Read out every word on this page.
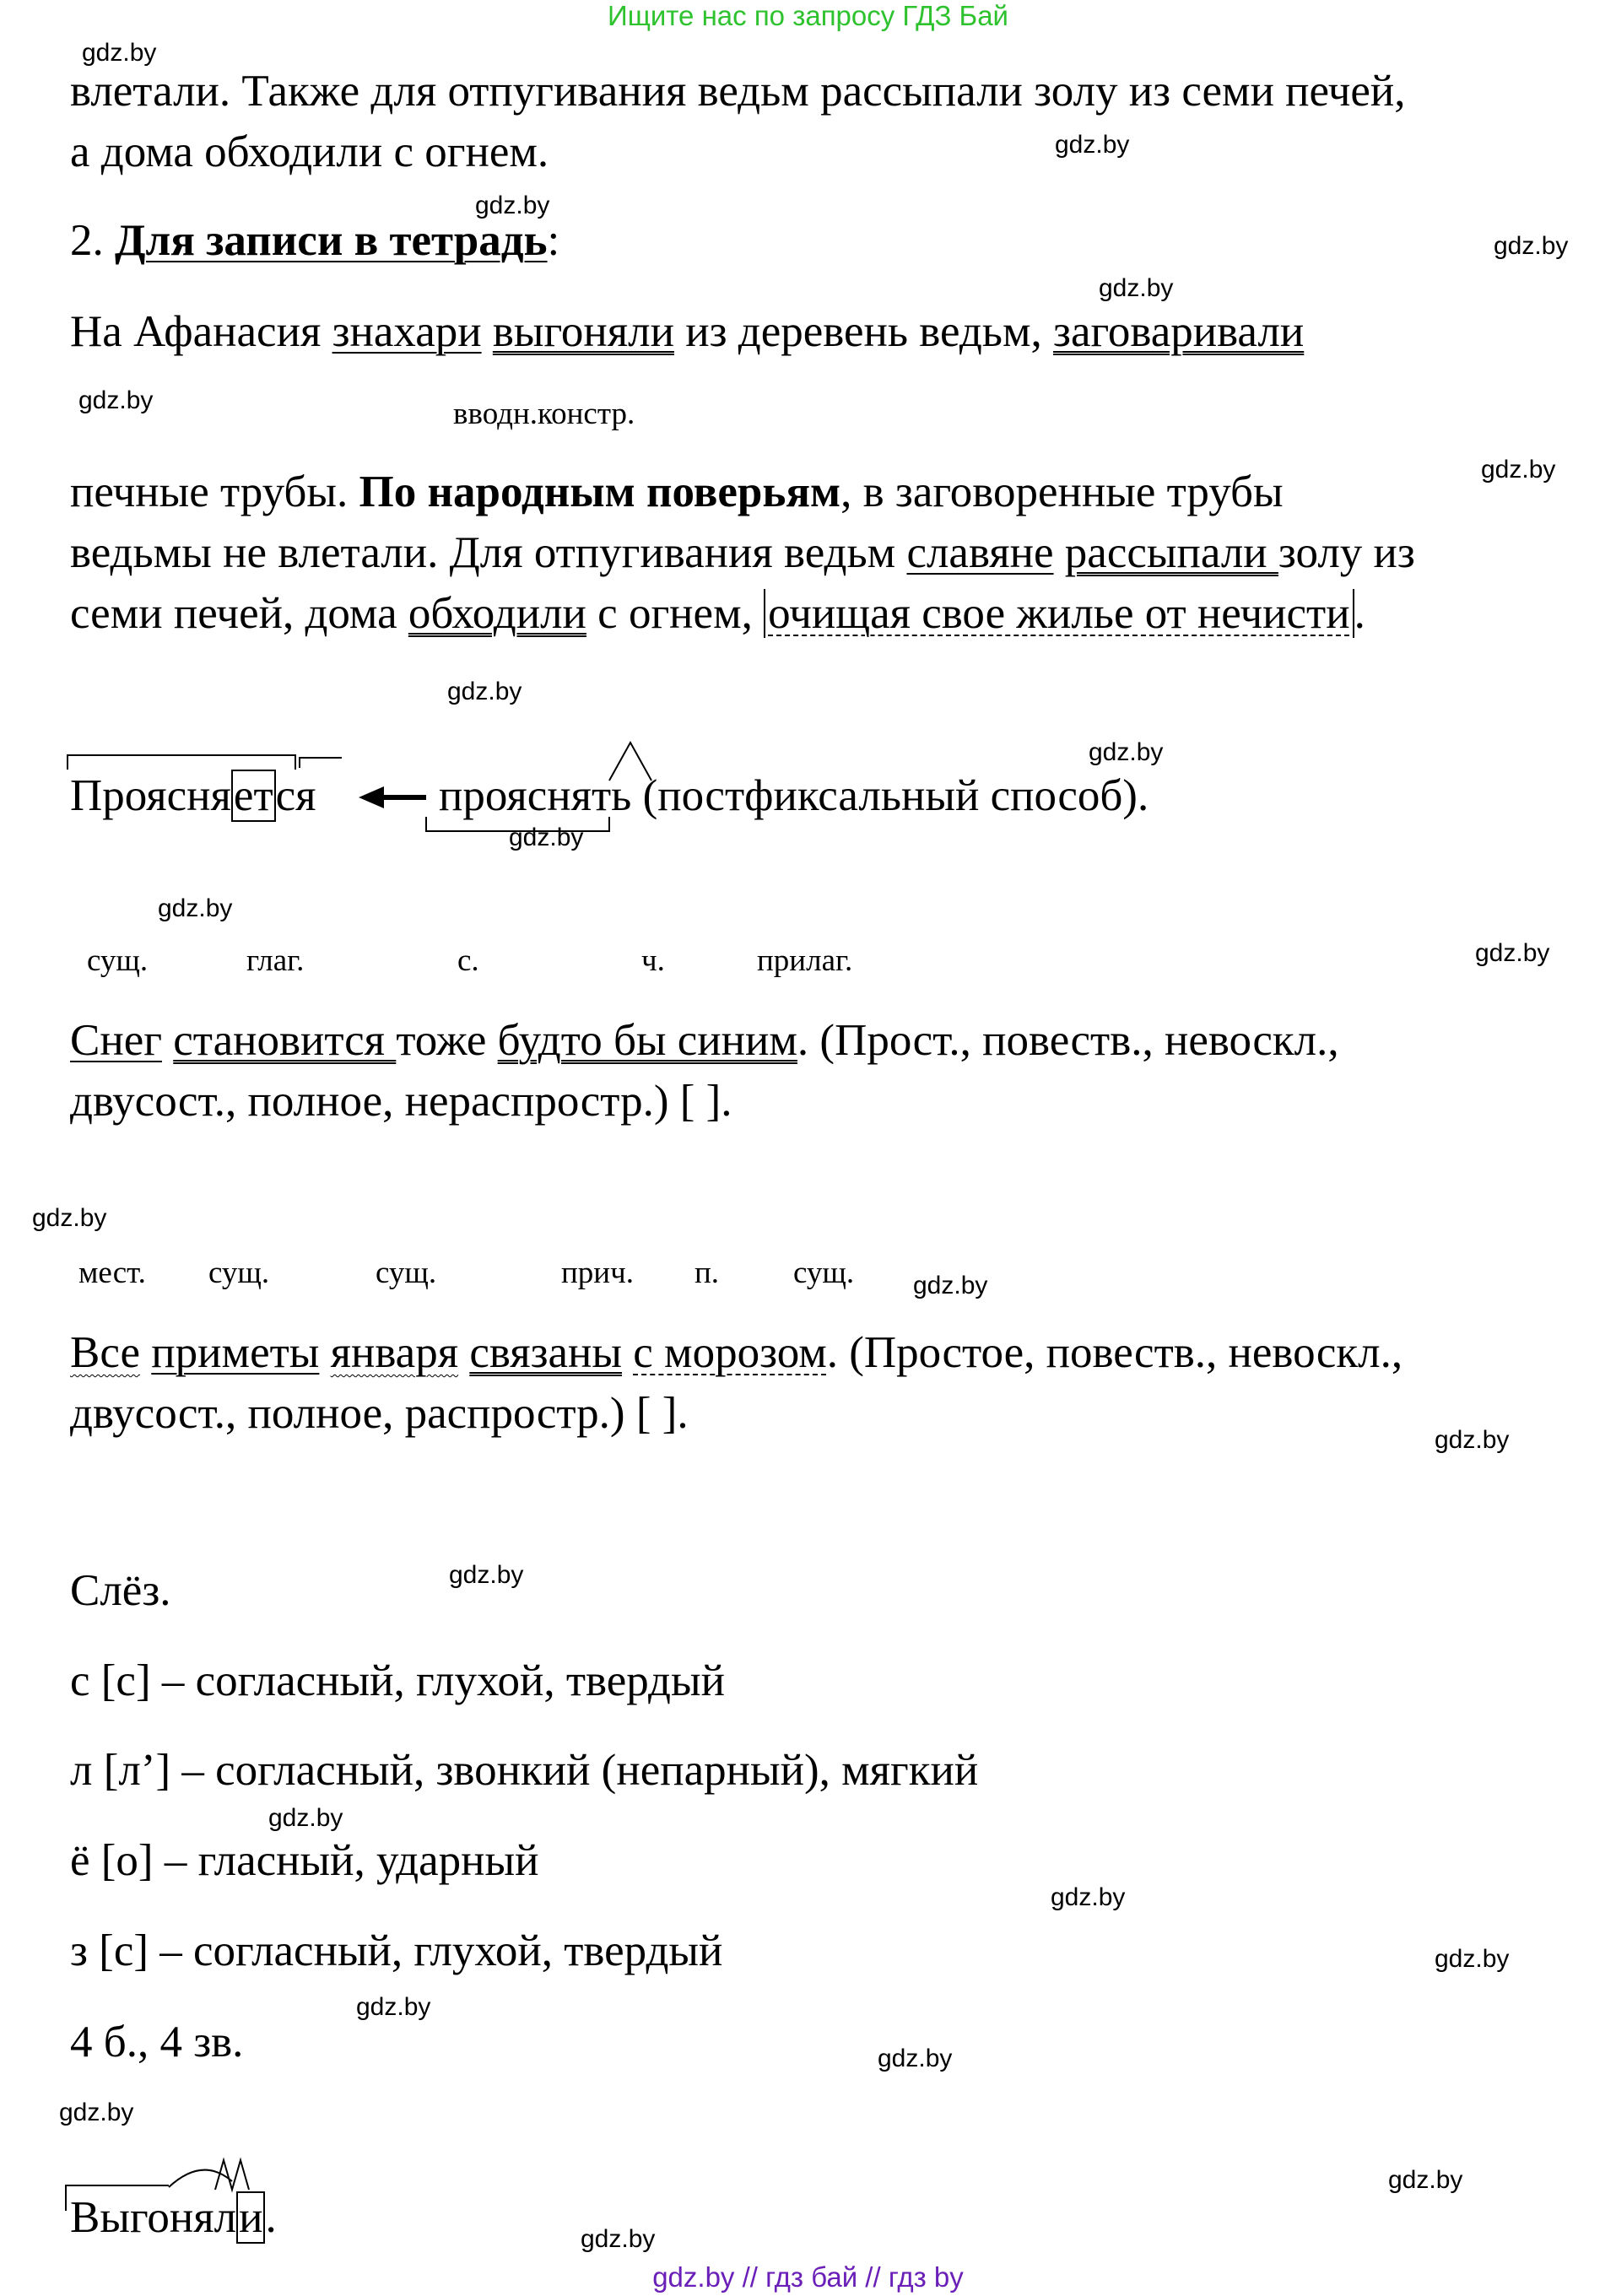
Ищите нас по запросу ГДЗ Бай
gdz.by
gdz.by
gdz.by
gdz.by
gdz.by
gdz.by
gdz.by
gdz.by
gdz.by
gdz.by
gdz.by
gdz.by
gdz.by
gdz.by
gdz.by
gdz.by
gdz.by
gdz.by
gdz.by
gdz.by
gdz.by
gdz.by
gdz.by
gdz.by
влетали. Также для отпугивания ведьм рассыпали золу из семи печей,
а дома обходили с огнем.
2. Для записи в тетрадь:
На Афанасия знахари выгоняли из деревень ведьм, заговаривали
вводн.констр.
печные трубы. По народным поверьям, в заговоренные трубы
ведьмы не влетали. Для отпугивания ведьм славяне рассыпали золу из
семи печей, дома обходили с огнем, очищая свое жилье от нечисти.
Проясняется	прояснять (постфиксальный способ).
сущ.	глаг.	с.	ч.	прилаг.
Снег становится тоже будто бы синим. (Прост., повеств., невоскл.,
двусост., полное, нераспростр.) [ ].
мест. сущ.	сущ.	прич. п. сущ.
Все приметы января связаны с морозом. (Простое, повеств., невоскл.,
двусост., полное, распростр.) [ ].
Слёз.
с [с] – согласный, глухой, твердый
л [л’] – согласный, звонкий (непарный), мягкий
ё [о] – гласный, ударный
з [с] – согласный, глухой, твердый
4 б., 4 зв.
Выгоняли.
gdz.by // гдз бай // гдз by
